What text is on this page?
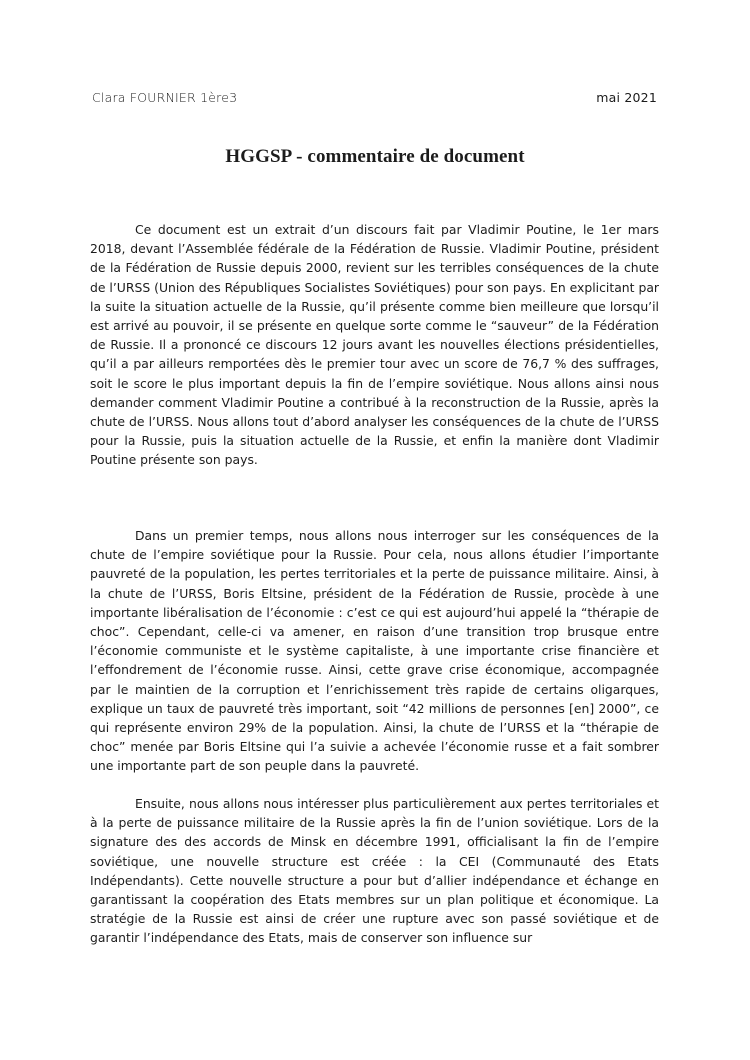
Clara FOURNIER 1ère3	mai 2021
HGGSP - commentaire de document

Ce document est un extrait d’un discours fait par Vladimir Poutine, le 1er mars 2018, devant l’Assemblée fédérale de la Fédération de Russie. Vladimir Poutine, président de la Fédération de Russie depuis 2000, revient sur les terribles conséquences de la chute de l’URSS (Union des Républiques Socialistes Soviétiques) pour son pays. En explicitant par la suite la situation actuelle de la Russie, qu’il présente comme bien meilleure que lorsqu’il est arrivé au pouvoir, il se présente en quelque sorte comme le “sauveur” de la Fédération de Russie. Il a prononcé ce discours 12 jours avant les nouvelles élections présidentielles, qu’il a par ailleurs remportées dès le premier tour avec un score de 76,7 % des suffrages, soit le score le plus important depuis la fin de l’empire soviétique. Nous allons ainsi nous demander comment Vladimir Poutine a contribué à la reconstruction de la Russie, après la chute de l’URSS. Nous allons tout d’abord analyser les conséquences de la chute de l’URSS pour la Russie, puis la situation actuelle de la Russie, et enfin la manière dont Vladimir Poutine présente son pays.

Dans un premier temps, nous allons nous interroger sur les conséquences de la chute de l’empire soviétique pour la Russie. Pour cela, nous allons étudier l’importante pauvreté de la population, les pertes territoriales et la perte de puissance militaire. Ainsi, à la chute de l’URSS, Boris Eltsine, président de la Fédération de Russie, procède à une importante libéralisation de l’économie : c’est ce qui est aujourd’hui appelé la “thérapie de choc”. Cependant, celle-ci va amener, en raison d’une transition trop brusque entre l’économie communiste et le système capitaliste, à une importante crise financière et l’effondrement de l’économie russe. Ainsi, cette grave crise économique, accompagnée par le maintien de la corruption et l’enrichissement très rapide de certains oligarques, explique un taux de pauvreté très important, soit “42 millions de personnes [en] 2000”, ce qui représente environ 29% de la population. Ainsi, la chute de l’URSS et la “thérapie de choc” menée par Boris Eltsine qui l’a suivie a achevée l’économie russe et a fait sombrer une importante part de son peuple dans la pauvreté.

Ensuite, nous allons nous intéresser plus particulièrement aux pertes territoriales et à la perte de puissance militaire de la Russie après la fin de l’union soviétique. Lors de la signature des des accords de Minsk en décembre 1991, officialisant la fin de l’empire soviétique, une nouvelle structure est créée : la CEI (Communauté des Etats Indépendants). Cette nouvelle structure a pour but d’allier indépendance et échange en garantissant la coopération des Etats membres sur un plan politique et économique. La stratégie de la Russie est ainsi de créer une rupture avec son passé soviétique et de garantir l’indépendance des Etats, mais de conserver son influence sur
